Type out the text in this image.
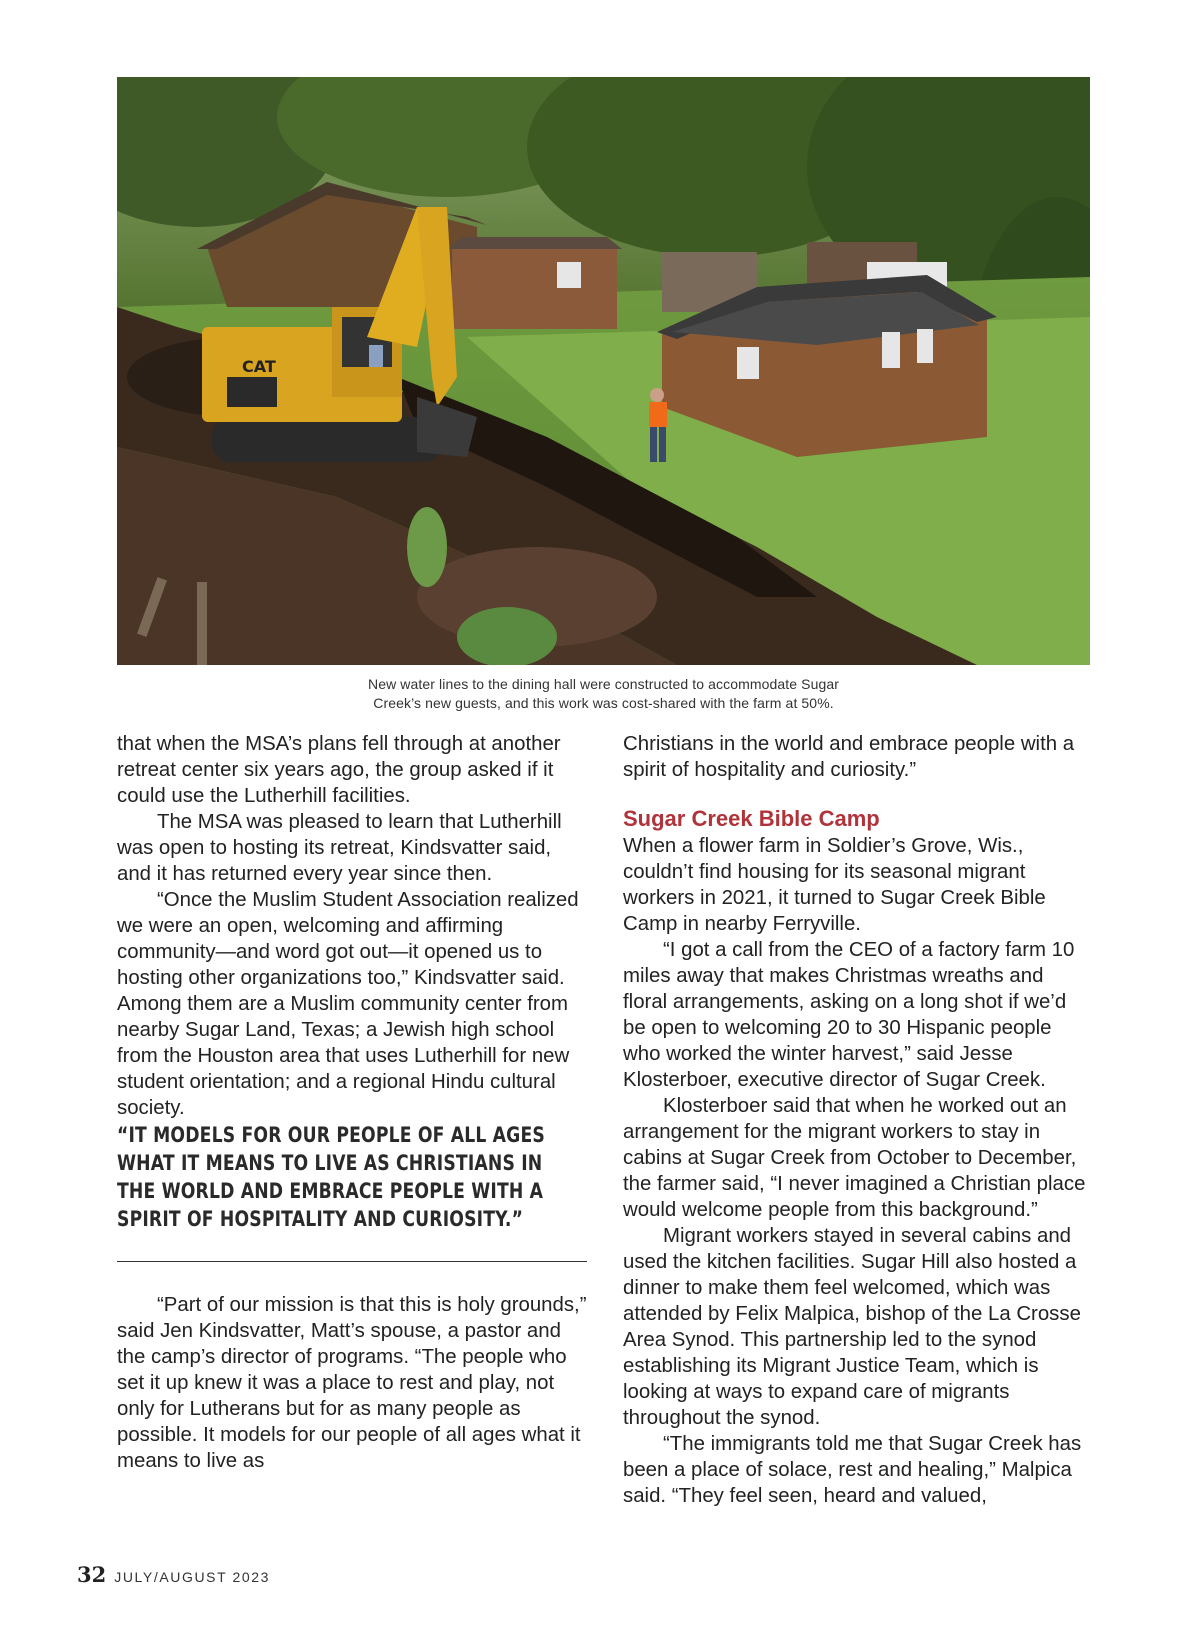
CAT
New water lines to the dining hall were constructed to accommodate Sugar
Creek’s new guests, and this work was cost-shared with the farm at 50%.

that when the MSA’s plans fell through at another retreat center six years ago, the group asked if it could use the Lutherhill facilities.

The MSA was pleased to learn that Lutherhill was open to hosting its retreat, Kindsvatter said, and it has returned every year since then.

“Once the Muslim Student Association realized we were an open, welcoming and affirming community—and word got out—it opened us to hosting other organizations too,” Kindsvatter said. Among them are a Muslim community center from nearby Sugar Land, Texas; a Jewish high school from the Houston area that uses Lutherhill for new student orientation; and a regional Hindu cultural society.

“IT MODELS FOR OUR PEOPLE OF ALL AGES WHAT IT MEANS TO LIVE AS CHRISTIANS IN THE WORLD AND EMBRACE PEOPLE WITH A SPIRIT OF HOSPITALITY AND CURIOSITY.”

“Part of our mission is that this is holy grounds,” said Jen Kindsvatter, Matt’s spouse, a pastor and the camp’s director of programs. “The people who set it up knew it was a place to rest and play, not only for Lutherans but for as many people as possible. It models for our people of all ages what it means to live as

Christians in the world and embrace people with a spirit of hospitality and curiosity.”

Sugar Creek Bible Camp

When a flower farm in Soldier’s Grove, Wis., couldn’t find housing for its seasonal migrant workers in 2021, it turned to Sugar Creek Bible Camp in nearby Ferryville.

“I got a call from the CEO of a factory farm 10 miles away that makes Christmas wreaths and floral arrangements, asking on a long shot if we’d be open to welcoming 20 to 30 Hispanic people who worked the winter harvest,” said Jesse Klosterboer, executive director of Sugar Creek.

Klosterboer said that when he worked out an arrangement for the migrant workers to stay in cabins at Sugar Creek from October to December, the farmer said, “I never imagined a Christian place would welcome people from this background.”

Migrant workers stayed in several cabins and used the kitchen facilities. Sugar Hill also hosted a dinner to make them feel welcomed, which was attended by Felix Malpica, bishop of the La Crosse Area Synod. This partnership led to the synod establishing its Migrant Justice Team, which is looking at ways to expand care of migrants throughout the synod.

“The immigrants told me that Sugar Creek has been a place of solace, rest and healing,” Malpica said. “They feel seen, heard and valued,

32 JULY/AUGUST 2023
